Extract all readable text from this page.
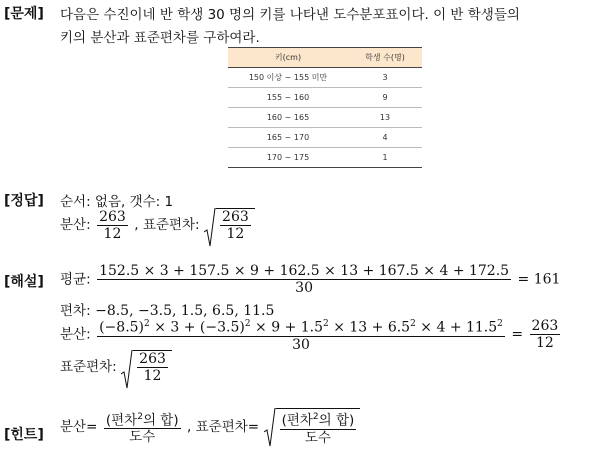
[문제] 다음은 수진이네 반 학생 30 명의 키를 나타낸 도수분포표이다. 이 반 학생들의
키의 분산과 표준편차를 구하여라.
키(cm)	학생 수(명)
150 이상 ~ 155 미만	3
155 ~ 160	9
160 ~ 165	13
165 ~ 170	4
170 ~ 175	1
[정답] 순서: 없음, 갯수: 1
분산: $\frac{263}{12}$ , 표준편차: $\frac{263}{12}$
[해설] 평균: $\frac{152.5 \times 3 + 157.5 \times 9 + 162.5 \times 13 + 167.5 \times 4 + 172.5}{30} = 161$
편차: −8.5, −3.5, 1.5, 6.5, 11.5
분산: $\frac{(-8.5)^2 \times 3 + (-3.5)^2 \times 9 + 1.5^2 \times 13 + 6.5^2 \times 4 + 11.5^2}{30} = \frac{263}{12}$
표준편차: $\frac{263}{12}$
[힌트]
분산= $\frac{(편차^2의 합)}{\text{도수}}$ , 표준편차= $\frac{(편차^2의 합)}{\text{도수}}$
